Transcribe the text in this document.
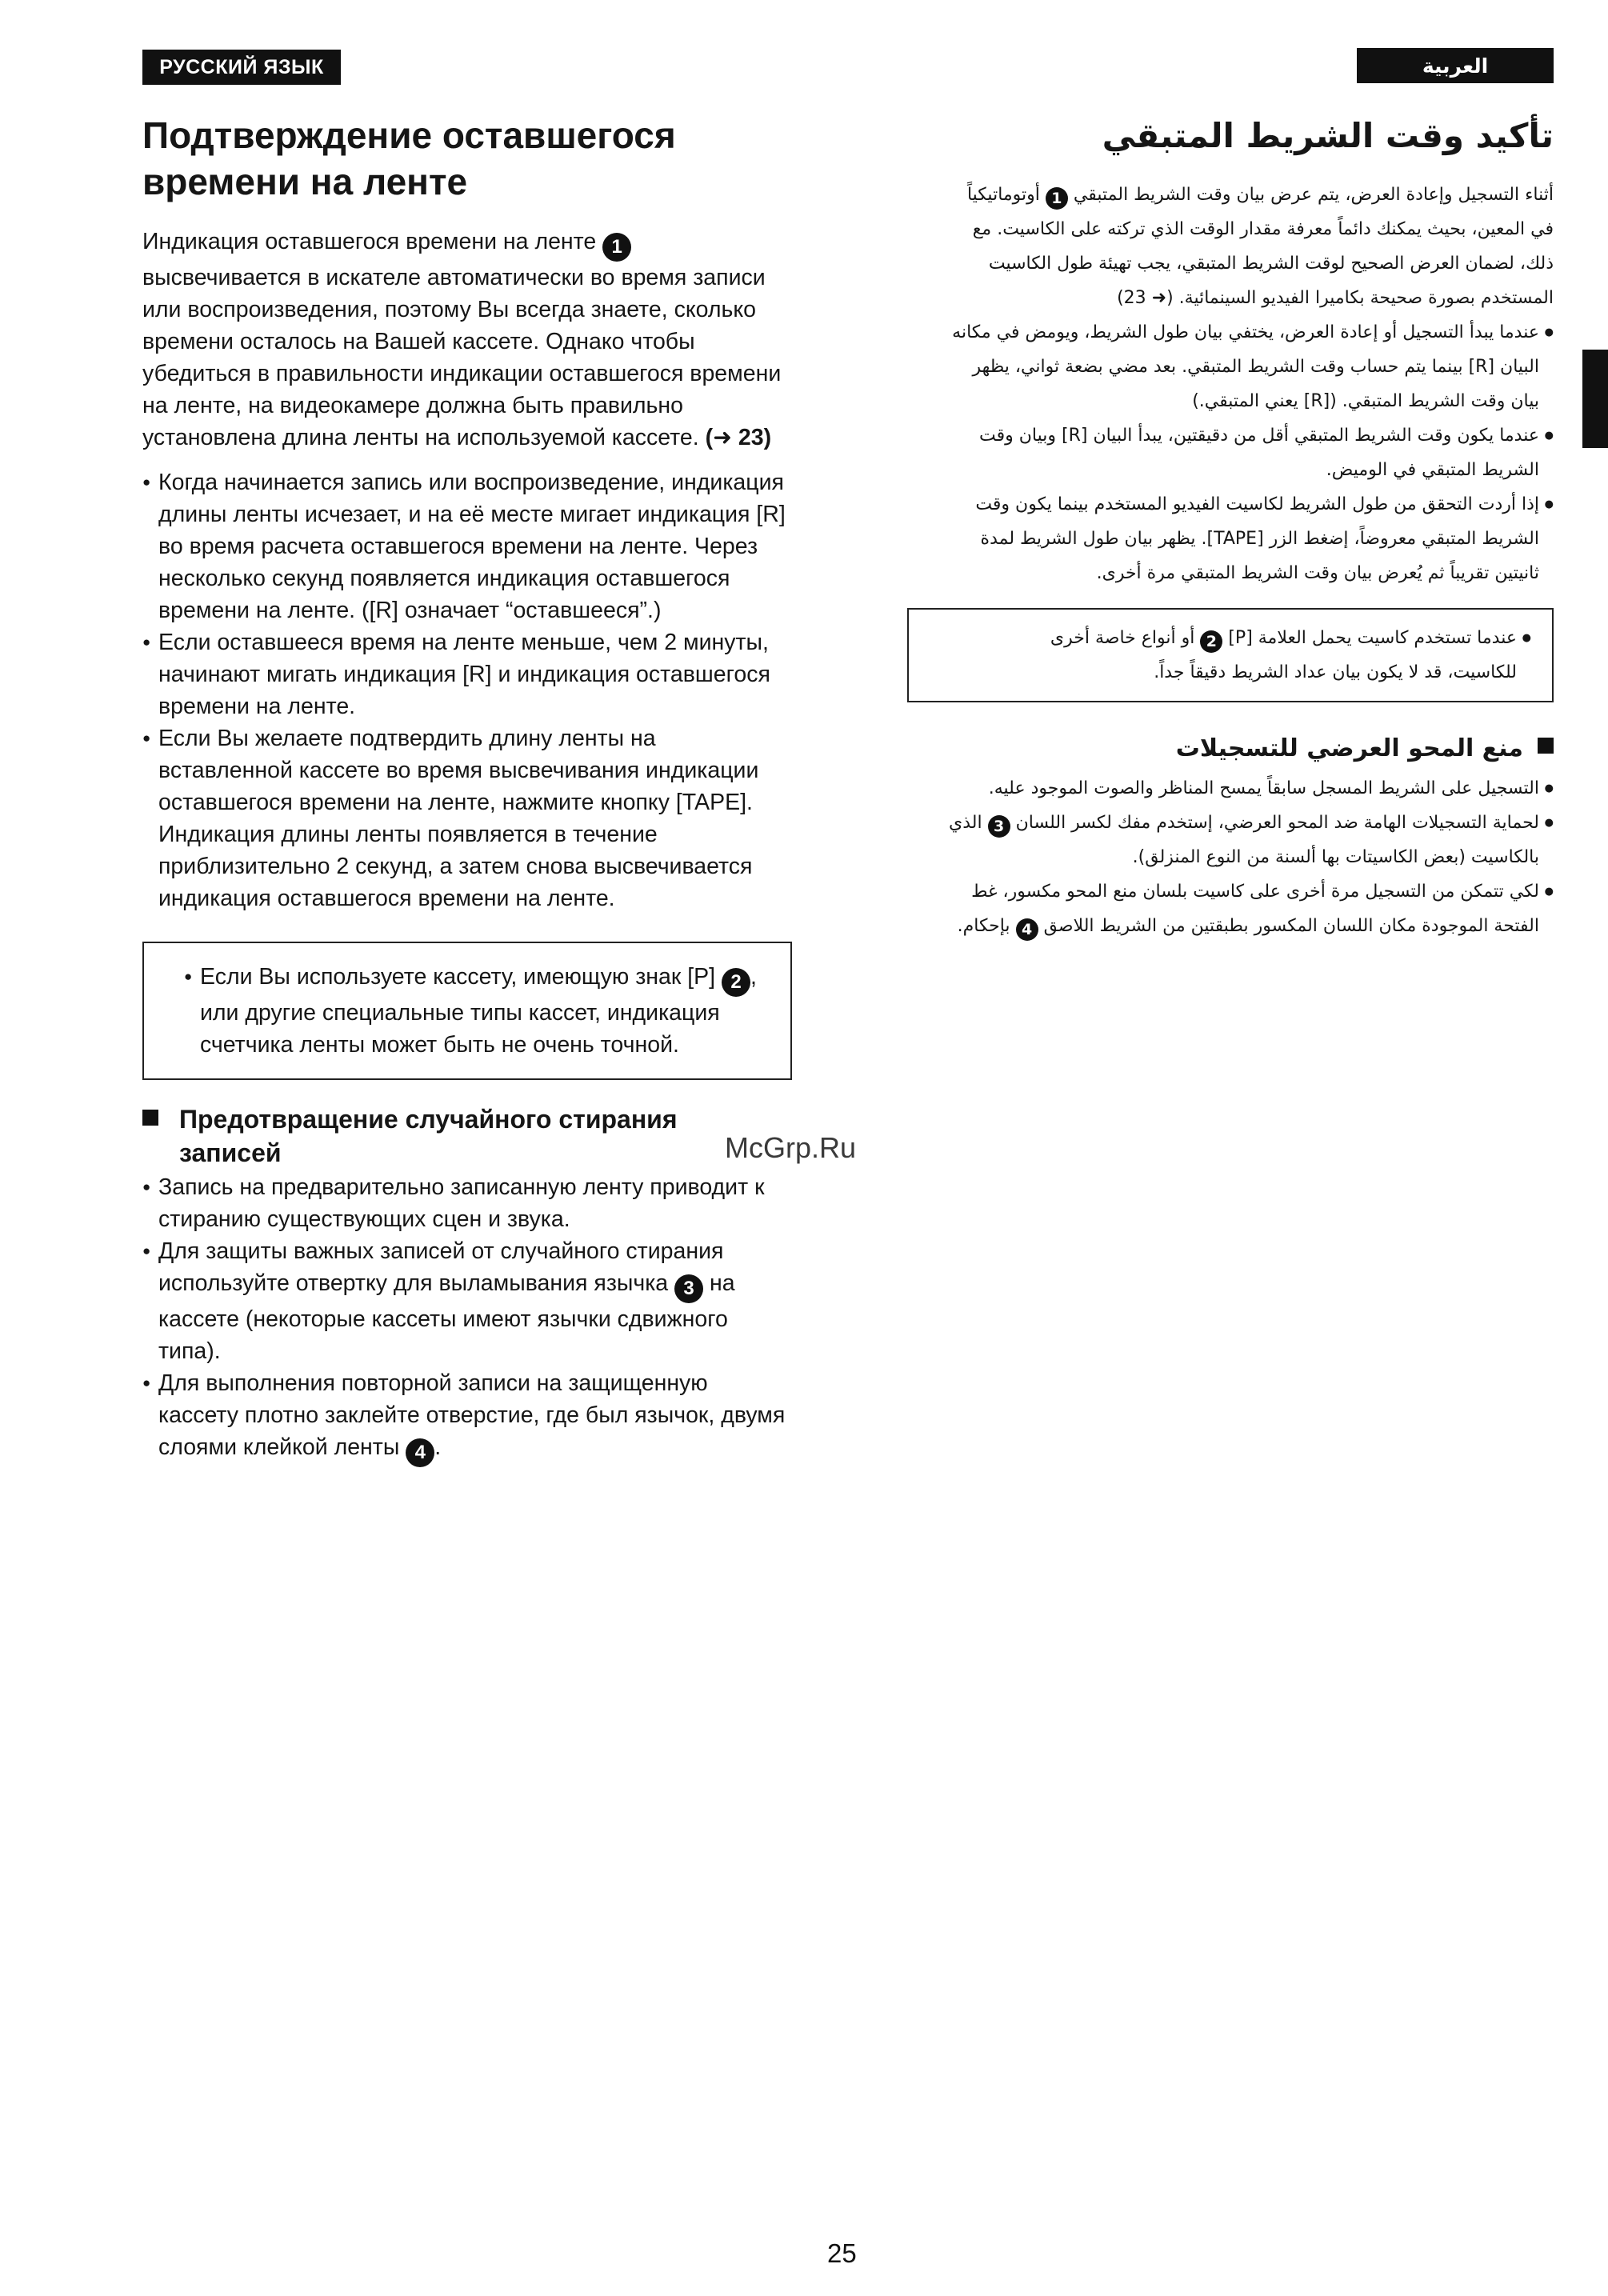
РУССКИЙ ЯЗЫК	العربية
Подтверждение оставшегося времени на ленте

Индикация оставшегося времени на ленте 1 высвечивается в искателе автоматически во время записи или воспроизведения, поэтому Вы всегда знаете, сколько времени осталось на Вашей кассете. Однако чтобы убедиться в правильности индикации оставшегося времени на ленте, на видеокамере должна быть правильно установлена длина ленты на используемой кассете. (➜ 23)

● Когда начинается запись или воспроизведение, индикация длины ленты исчезает, и на её месте мигает индикация [R] во время расчета оставшегося времени на ленте. Через несколько секунд появляется индикация оставшегося времени на ленте. ([R] означает “оставшееся”.)

● Если оставшееся время на ленте меньше, чем 2 минуты, начинают мигать индикация [R] и индикация оставшегося времени на ленте.

● Если Вы желаете подтвердить длину ленты на вставленной кассете во время высвечивания индикации оставшегося времени на ленте, нажмите кнопку [TAPE]. Индикация длины ленты появляется в течение приблизительно 2 секунд, а затем снова высвечивается индикация оставшегося времени на ленте.

● Если Вы используете кассету, имеющую знак [P] 2 , или другие специальные типы кассет, индикация счетчика ленты может быть не очень точной.

Предотвращение случайного стирания записей

● Запись на предварительно записанную ленту приводит к стиранию существующих сцен и звука.

● Для защиты важных записей от случайного стирания используйте отвертку для выламывания язычка 3 на кассете (некоторые кассеты имеют язычки сдвижного типа).

● Для выполнения повторной записи на защищенную кассету плотно заклейте отверстие, где был язычок, двумя слоями клейкой ленты 4 .

تأكيد وقت الشريط المتبقي

أثناء التسجيل وإعادة العرض، يتم عرض بيان وقت الشريط المتبقي 1 أوتوماتيكياً في المعين، بحيث يمكنك دائماً معرفة مقدار الوقت الذي تركته على الكاسيت. مع ذلك، لضمان العرض الصحيح لوقت الشريط المتبقي، يجب تهيئة طول الكاسيت المستخدم بصورة صحيحة بكاميرا الفيديو السينمائية. (➜ 23)

● عندما يبدأ التسجيل أو إعادة العرض، يختفي بيان طول الشريط، ويومض في مكانه البيان [R] بينما يتم حساب وقت الشريط المتبقي. بعد مضي بضعة ثواني، يظهر بيان وقت الشريط المتبقي. ([R] يعني المتبقي.)

● عندما يكون وقت الشريط المتبقي أقل من دقيقتين، يبدأ البيان [R] وبيان وقت الشريط المتبقي في الوميض.

● إذا أردت التحقق من طول الشريط لكاسيت الفيديو المستخدم بينما يكون وقت الشريط المتبقي معروضاً، إضغط الزر [TAPE]. يظهر بيان طول الشريط لمدة ثانيتين تقريباً ثم يُعرض بيان وقت الشريط المتبقي مرة أخرى.

● عندما تستخدم كاسيت يحمل العلامة [P] 2 أو أنواع خاصة أخرى للكاسيت، قد لا يكون بيان عداد الشريط دقيقاً جداً.

منع المحو العرضي للتسجيلات

● التسجيل على الشريط المسجل سابقاً يمسح المناظر والصوت الموجود عليه.

● لحماية التسجيلات الهامة ضد المحو العرضي، إستخدم مفك لكسر اللسان 3 الذي بالكاسيت (بعض الكاسيتات بها ألسنة من النوع المنزلق).

● لكي تتمكن من التسجيل مرة أخرى على كاسيت بلسان منع المحو مكسور، غط الفتحة الموجودة مكان اللسان المكسور بطبقتين من الشريط اللاصق 4 بإحكام.

McGrp.Ru
25
